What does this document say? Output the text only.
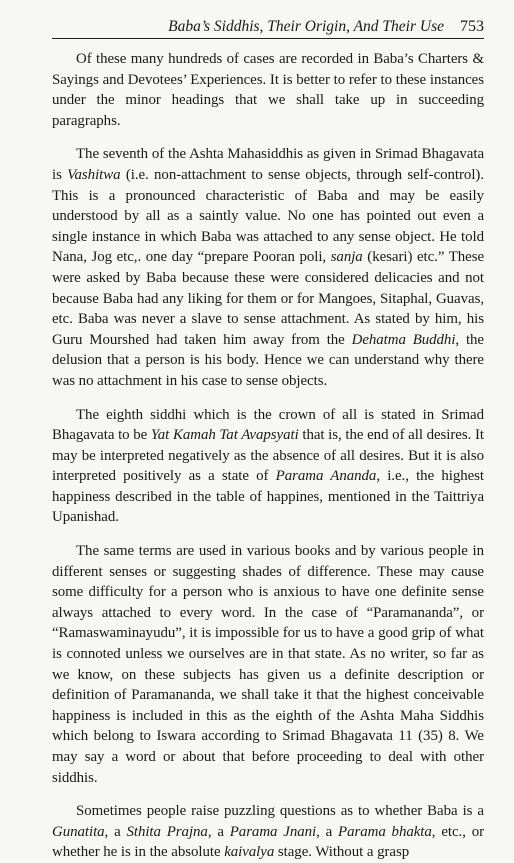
Baba’s Siddhis, Their Origin, And Their Use 753

Of these many hundreds of cases are recorded in Baba’s Charters & Sayings and Devotees’ Experiences. It is better to refer to these instances under the minor headings that we shall take up in succeeding paragraphs.

The seventh of the Ashta Mahasiddhis as given in Srimad Bhagavata is Vashitwa (i.e. non-attachment to sense objects, through self-control). This is a pronounced characteristic of Baba and may be easily understood by all as a saintly value. No one has pointed out even a single instance in which Baba was attached to any sense object. He told Nana, Jog etc,. one day “prepare Pooran poli, sanja (kesari) etc.” These were asked by Baba because these were considered delicacies and not because Baba had any liking for them or for Mangoes, Sitaphal, Guavas, etc. Baba was never a slave to sense attachment. As stated by him, his Guru Mourshed had taken him away from the Dehatma Buddhi, the delusion that a person is his body. Hence we can understand why there was no attachment in his case to sense objects.

The eighth siddhi which is the crown of all is stated in Srimad Bhagavata to be Yat Kamah Tat Avapsyati that is, the end of all desires. It may be interpreted negatively as the absence of all desires. But it is also interpreted positively as a state of Parama Ananda, i.e., the highest happiness described in the table of happines, mentioned in the Taittriya Upanishad.

The same terms are used in various books and by various people in different senses or suggesting shades of difference. These may cause some difficulty for a person who is anxious to have one definite sense always attached to every word. In the case of “Paramananda”, or “Ramaswaminayudu”, it is impossible for us to have a good grip of what is connoted unless we ourselves are in that state. As no writer, so far as we know, on these subjects has given us a definite description or definition of Paramananda, we shall take it that the highest conceivable happiness is included in this as the eighth of the Ashta Maha Siddhis which belong to Iswara according to Srimad Bhagavata 11 (35) 8. We may say a word or about that before proceeding to deal with other siddhis.

Sometimes people raise puzzling questions as to whether Baba is a Gunatita, a Sthita Prajna, a Parama Jnani, a Parama bhakta, etc., or whether he is in the absolute kaivalya stage. Without a grasp
